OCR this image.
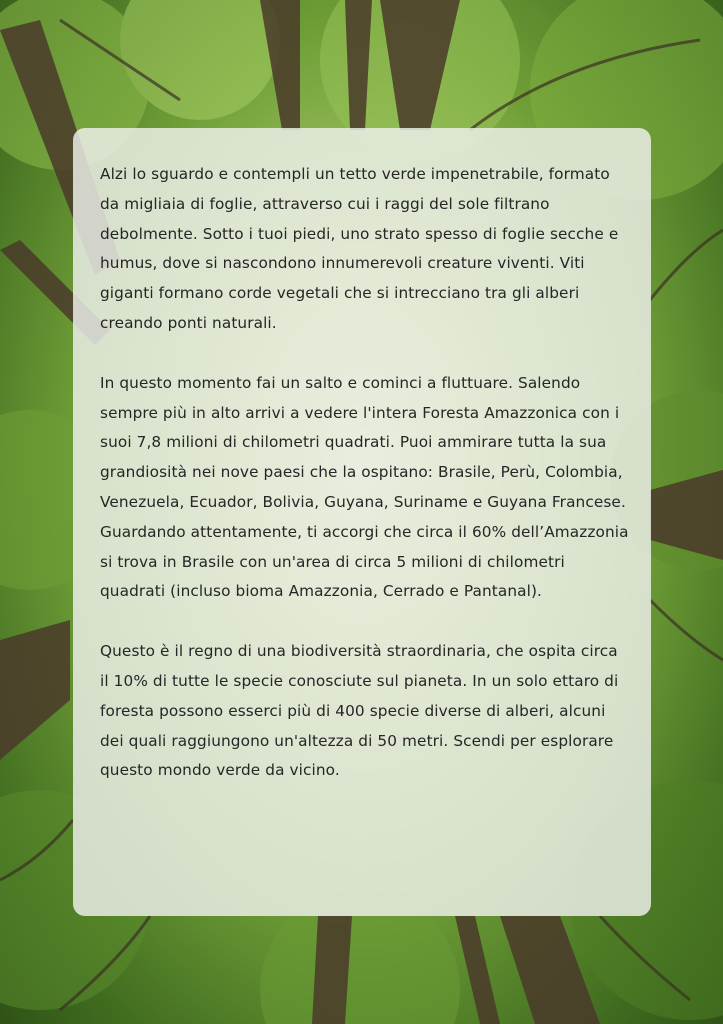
Alzi lo sguardo e contempli un tetto verde impenetrabile, formato da migliaia di foglie, attraverso cui i raggi del sole filtrano debolmente. Sotto i tuoi piedi, uno strato spesso di foglie secche e humus, dove si nascondono innumerevoli creature viventi. Viti giganti formano corde vegetali che si intrecciano tra gli alberi creando ponti naturali.

In questo momento fai un salto e cominci a fluttuare. Salendo sempre più in alto arrivi a vedere l'intera Foresta Amazzonica con i suoi 7,8 milioni di chilometri quadrati. Puoi ammirare tutta la sua grandiosità nei nove paesi che la ospitano: Brasile, Perù, Colombia, Venezuela, Ecuador, Bolivia, Guyana, Suriname e Guyana Francese. Guardando attentamente, ti accorgi che circa il 60% dell’Amazzonia si trova in Brasile con un'area di circa 5 milioni di chilometri quadrati (incluso bioma Amazzonia, Cerrado e Pantanal).

Questo è il regno di una biodiversità straordinaria, che ospita circa il 10% di tutte le specie conosciute sul pianeta. In un solo ettaro di foresta possono esserci più di 400 specie diverse di alberi, alcuni dei quali raggiungono un'altezza di 50 metri. Scendi per esplorare questo mondo verde da vicino.
